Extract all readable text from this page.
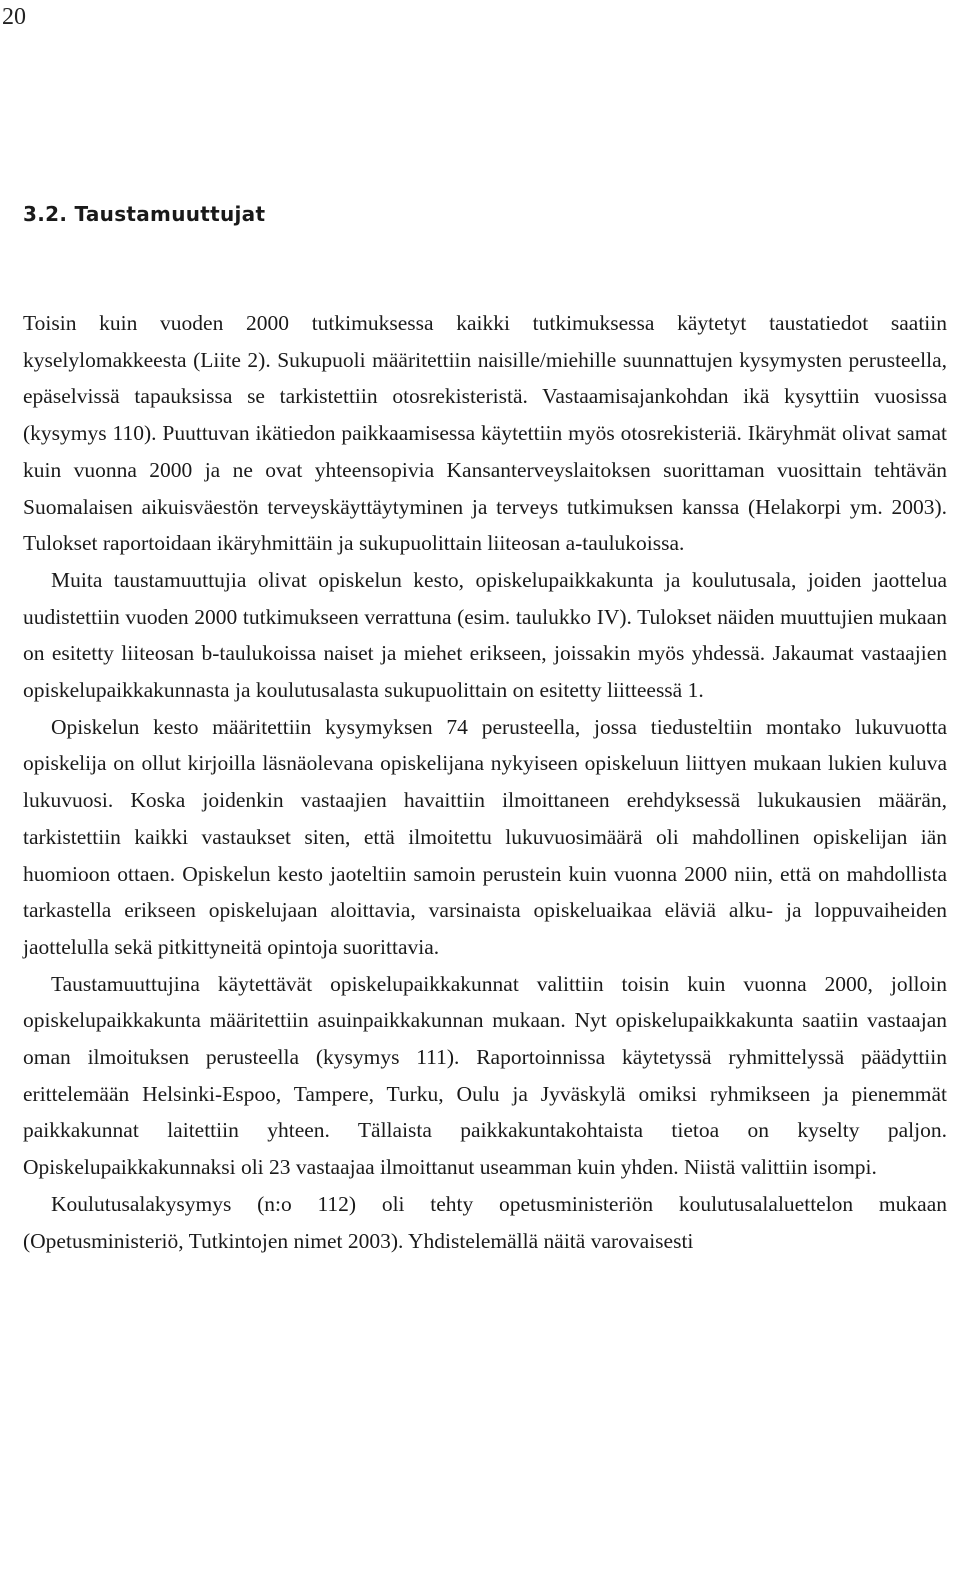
20
3.2. Taustamuuttujat

Toisin kuin vuoden 2000 tutkimuksessa kaikki tutkimuksessa käytetyt taustatiedot saatiin kyselylomakkeesta (Liite 2). Sukupuoli määritettiin naisille/miehille suunnattujen kysymysten perusteella, epäselvissä tapauksissa se tarkistettiin otosrekisteristä. Vastaamisajankohdan ikä kysyttiin vuosissa (kysymys 110). Puuttuvan ikätiedon paikkaamisessa käytettiin myös otosrekisteriä. Ikäryhmät olivat samat kuin vuonna 2000 ja ne ovat yhteensopivia Kansanterveyslaitoksen suorittaman vuosittain tehtävän Suomalaisen aikuisväestön terveyskäyttäytyminen ja terveys tutkimuksen kanssa (Helakorpi ym. 2003). Tulokset raportoidaan ikäryhmittäin ja sukupuolittain liiteosan a-taulukoissa.

Muita taustamuuttujia olivat opiskelun kesto, opiskelupaikkakunta ja koulutusala, joiden jaottelua uudistettiin vuoden 2000 tutkimukseen verrattuna (esim. taulukko IV). Tulokset näiden muuttujien mukaan on esitetty liiteosan b-taulukoissa naiset ja miehet erikseen, joissakin myös yhdessä. Jakaumat vastaajien opiskelupaikkakunnasta ja koulutusalasta sukupuolittain on esitetty liitteessä 1.

Opiskelun kesto määritettiin kysymyksen 74 perusteella, jossa tiedusteltiin montako lukuvuotta opiskelija on ollut kirjoilla läsnäolevana opiskelijana nykyiseen opiskeluun liittyen mukaan lukien kuluva lukuvuosi. Koska joidenkin vastaajien havaittiin ilmoittaneen erehdyksessä lukukausien määrän, tarkistettiin kaikki vastaukset siten, että ilmoitettu lukuvuosimäärä oli mahdollinen opiskelijan iän huomioon ottaen. Opiskelun kesto jaoteltiin samoin perustein kuin vuonna 2000 niin, että on mahdollista tarkastella erikseen opiskelujaan aloittavia, varsinaista opiskeluaikaa eläviä alku- ja loppuvaiheiden jaottelulla sekä pitkittyneitä opintoja suorittavia.

Taustamuuttujina käytettävät opiskelupaikkakunnat valittiin toisin kuin vuonna 2000, jolloin opiskelupaikkakunta määritettiin asuinpaikkakunnan mukaan. Nyt opiskelupaikkakunta saatiin vastaajan oman ilmoituksen perusteella (kysymys 111). Raportoinnissa käytetyssä ryhmittelyssä päädyttiin erittelemään Helsinki-Espoo, Tampere, Turku, Oulu ja Jyväskylä omiksi ryhmikseen ja pienemmät paikkakunnat laitettiin yhteen. Tällaista paikkakuntakohtaista tietoa on kyselty paljon. Opiskelupaikkakunnaksi oli 23 vastaajaa ilmoittanut useamman kuin yhden. Niistä valittiin isompi.

Koulutusalakysymys (n:o 112) oli tehty opetusministeriön koulutusalaluettelon mukaan (Opetusministeriö, Tutkintojen nimet 2003). Yhdistelemällä näitä varovaisesti
